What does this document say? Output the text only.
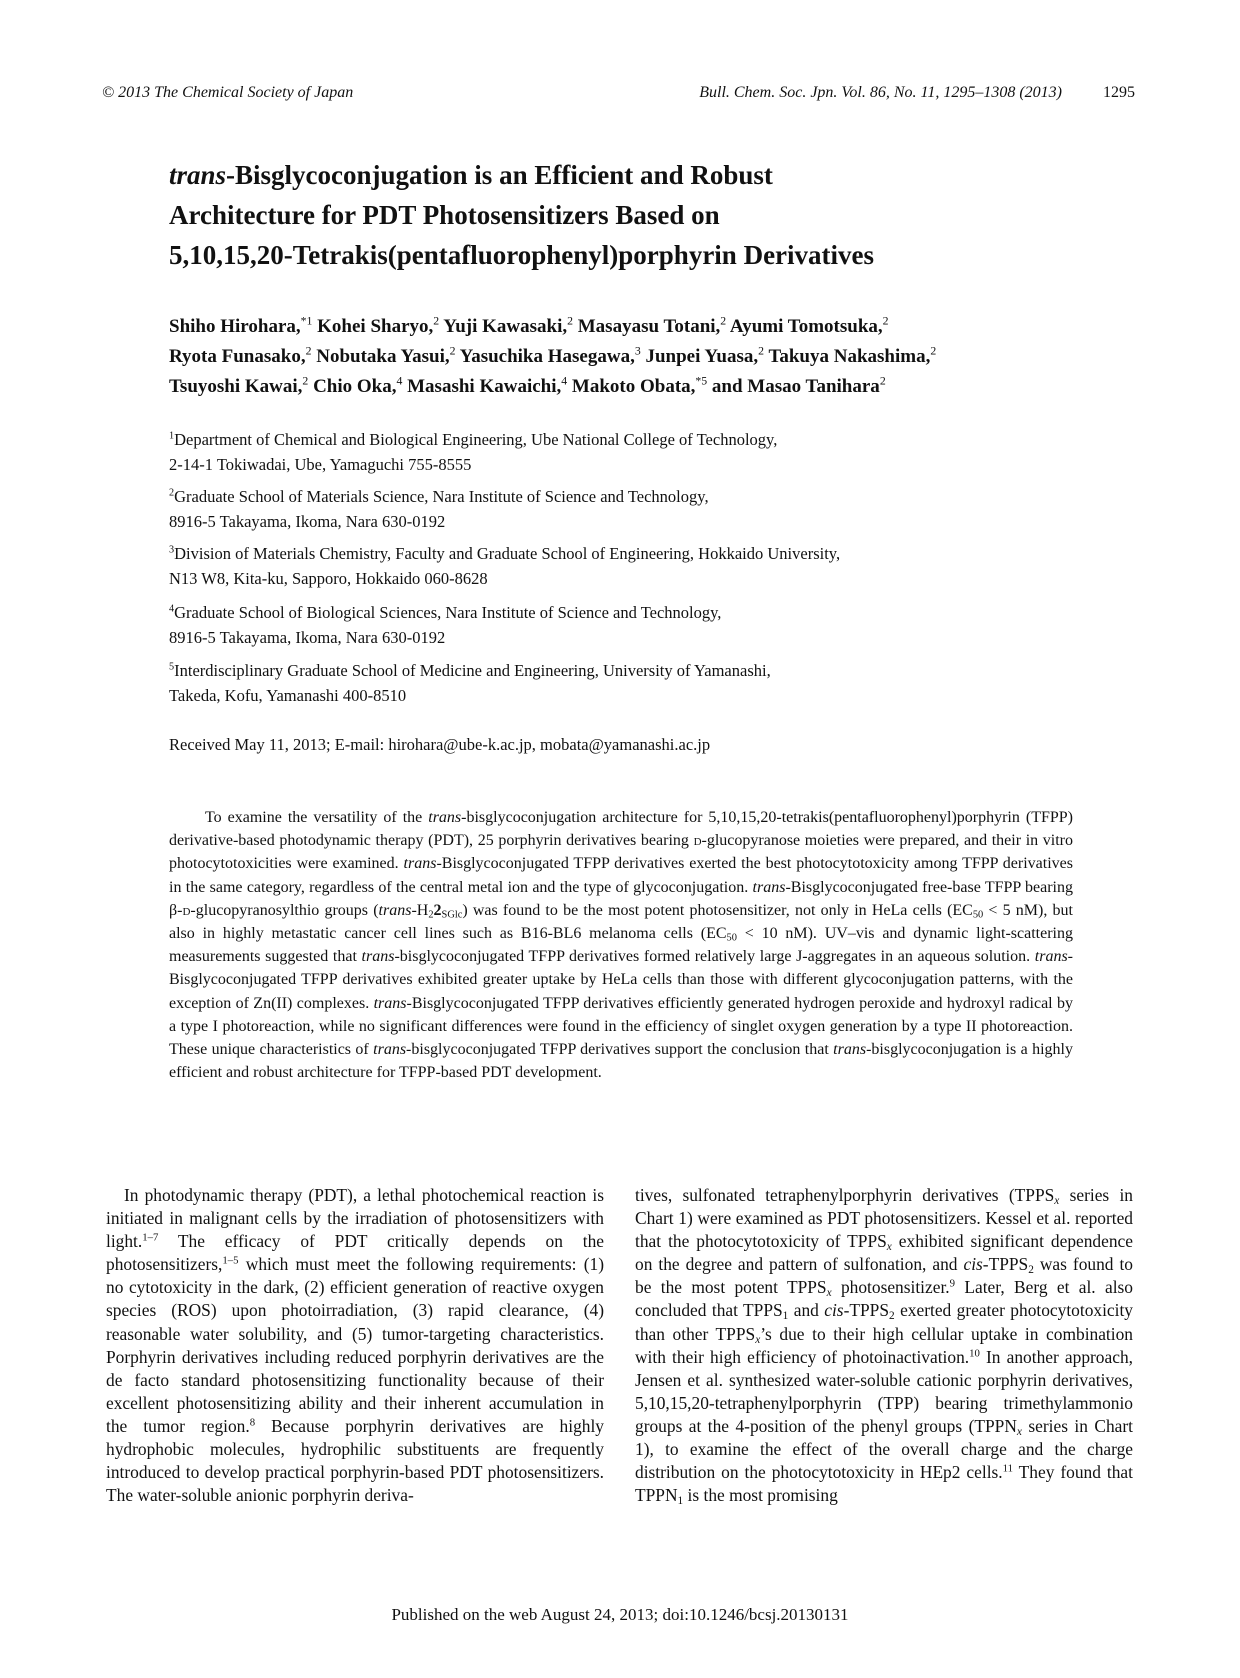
© 2013 The Chemical Society of Japan	Bull. Chem. Soc. Jpn. Vol. 86, No. 11, 1295–1308 (2013)	1295
trans-Bisglycoconjugation is an Efficient and Robust
Architecture for PDT Photosensitizers Based on
5,10,15,20-Tetrakis(pentafluorophenyl)porphyrin Derivatives
Shiho Hirohara,$^{*1}$ Kohei Sharyo,$^2$ Yuji Kawasaki,$^2$ Masayasu Totani,$^2$ Ayumi Tomotsuka,$^2$
Ryota Funasako,$^2$ Nobutaka Yasui,$^2$ Yasuchika Hasegawa,$^3$ Junpei Yuasa,$^2$ Takuya Nakashima,$^2$
Tsuyoshi Kawai,$^2$ Chio Oka,$^4$ Masashi Kawaichi,$^4$ Makoto Obata,$^{*5}$ and Masao Tanihara$^2$
$^1$Department of Chemical and Biological Engineering, Ube National College of Technology,
2-14-1 Tokiwadai, Ube, Yamaguchi 755-8555
$^2$Graduate School of Materials Science, Nara Institute of Science and Technology,
8916-5 Takayama, Ikoma, Nara 630-0192
$^3$Division of Materials Chemistry, Faculty and Graduate School of Engineering, Hokkaido University,
N13 W8, Kita-ku, Sapporo, Hokkaido 060-8628
$^4$Graduate School of Biological Sciences, Nara Institute of Science and Technology,
8916-5 Takayama, Ikoma, Nara 630-0192
$^5$Interdisciplinary Graduate School of Medicine and Engineering, University of Yamanashi,
Takeda, Kofu, Yamanashi 400-8510
Received May 11, 2013; E-mail: hirohara@ube-k.ac.jp, mobata@yamanashi.ac.jp
To examine the versatility of the trans-bisglycoconjugation architecture for 5,10,15,20-tetrakis(pentafluorophenyl)porphyrin (TFPP) derivative-based photodynamic therapy (PDT), 25 porphyrin derivatives bearing d-glucopyranose moieties were prepared, and their in vitro photocytotoxicities were examined. trans-Bisglycoconjugated TFPP derivatives exerted the best photocytotoxicity among TFPP derivatives in the same category, regardless of the central metal ion and the type of glycoconjugation. trans-Bisglycoconjugated free-base TFPP bearing β-d-glucopyranosylthio groups $(trans-H_22_{SGlc})$ was found to be the most potent photosensitizer, not only in HeLa cells ($EC_{50} < 5$ nM), but also in highly metastatic cancer cell lines such as B16-BL6 melanoma cells ($EC_{50} < 10$ nM). UV–vis and dynamic light-scattering measurements suggested that trans-bisglycoconjugated TFPP derivatives formed relatively large J-aggregates in an aqueous solution. trans-Bisglycoconjugated TFPP derivatives exhibited greater uptake by HeLa cells than those with different glycoconjugation patterns, with the exception of Zn(II) complexes. trans-Bisglycoconjugated TFPP derivatives efficiently generated hydrogen peroxide and hydroxyl radical by a type I photoreaction, while no significant differences were found in the efficiency of singlet oxygen generation by a type II photoreaction. These unique characteristics of trans-bisglycoconjugated TFPP derivatives support the conclusion that trans-bisglycoconjugation is a highly efficient and robust architecture for TFPP-based PDT development.
In photodynamic therapy (PDT), a lethal photochemical reaction is initiated in malignant cells by the irradiation of photosensitizers with light.$^{1-7}$ The efficacy of PDT critically depends on the photosensitizers,$^{1-5}$ which must meet the following requirements: (1) no cytotoxicity in the dark, (2) efficient generation of reactive oxygen species (ROS) upon photoirradiation, (3) rapid clearance, (4) reasonable water solubility, and (5) tumor-targeting characteristics. Porphyrin derivatives including reduced porphyrin derivatives are the de facto standard photosensitizing functionality because of their excellent photosensitizing ability and their inherent accumulation in the tumor region.$^8$ Because porphyrin derivatives are highly hydrophobic molecules, hydrophilic substituents are frequently introduced to develop practical porphyrin-based PDT photosensitizers. The water-soluble anionic porphyrin deriva-
tives, sulfonated tetraphenylporphyrin derivatives ($TPPS_x$ series in Chart 1) were examined as PDT photosensitizers. Kessel et al. reported that the photocytotoxicity of $TPPS_x$ exhibited significant dependence on the degree and pattern of sulfonation, and cis-$TPPS_2$ was found to be the most potent $TPPS_x$ photosensitizer.$^9$ Later, Berg et al. also concluded that $TPPS_1$ and cis-$TPPS_2$ exerted greater photocytotoxicity than other $TPPS_x’s$ due to their high cellular uptake in combination with their high efficiency of photoinactivation.$^{10}$ In another approach, Jensen et al. synthesized water-soluble cationic porphyrin derivatives, 5,10,15,20-tetraphenylporphyrin (TPP) bearing trimethylammonio groups at the 4-position of the phenyl groups ($TPPN_x$ series in Chart 1), to examine the effect of the overall charge and the charge distribution on the photocytotoxicity in HEp2 cells.$^{11}$ They found that $TPPN_1$ is the most promising
Published on the web August 24, 2013; doi:10.1246/bcsj.20130131
